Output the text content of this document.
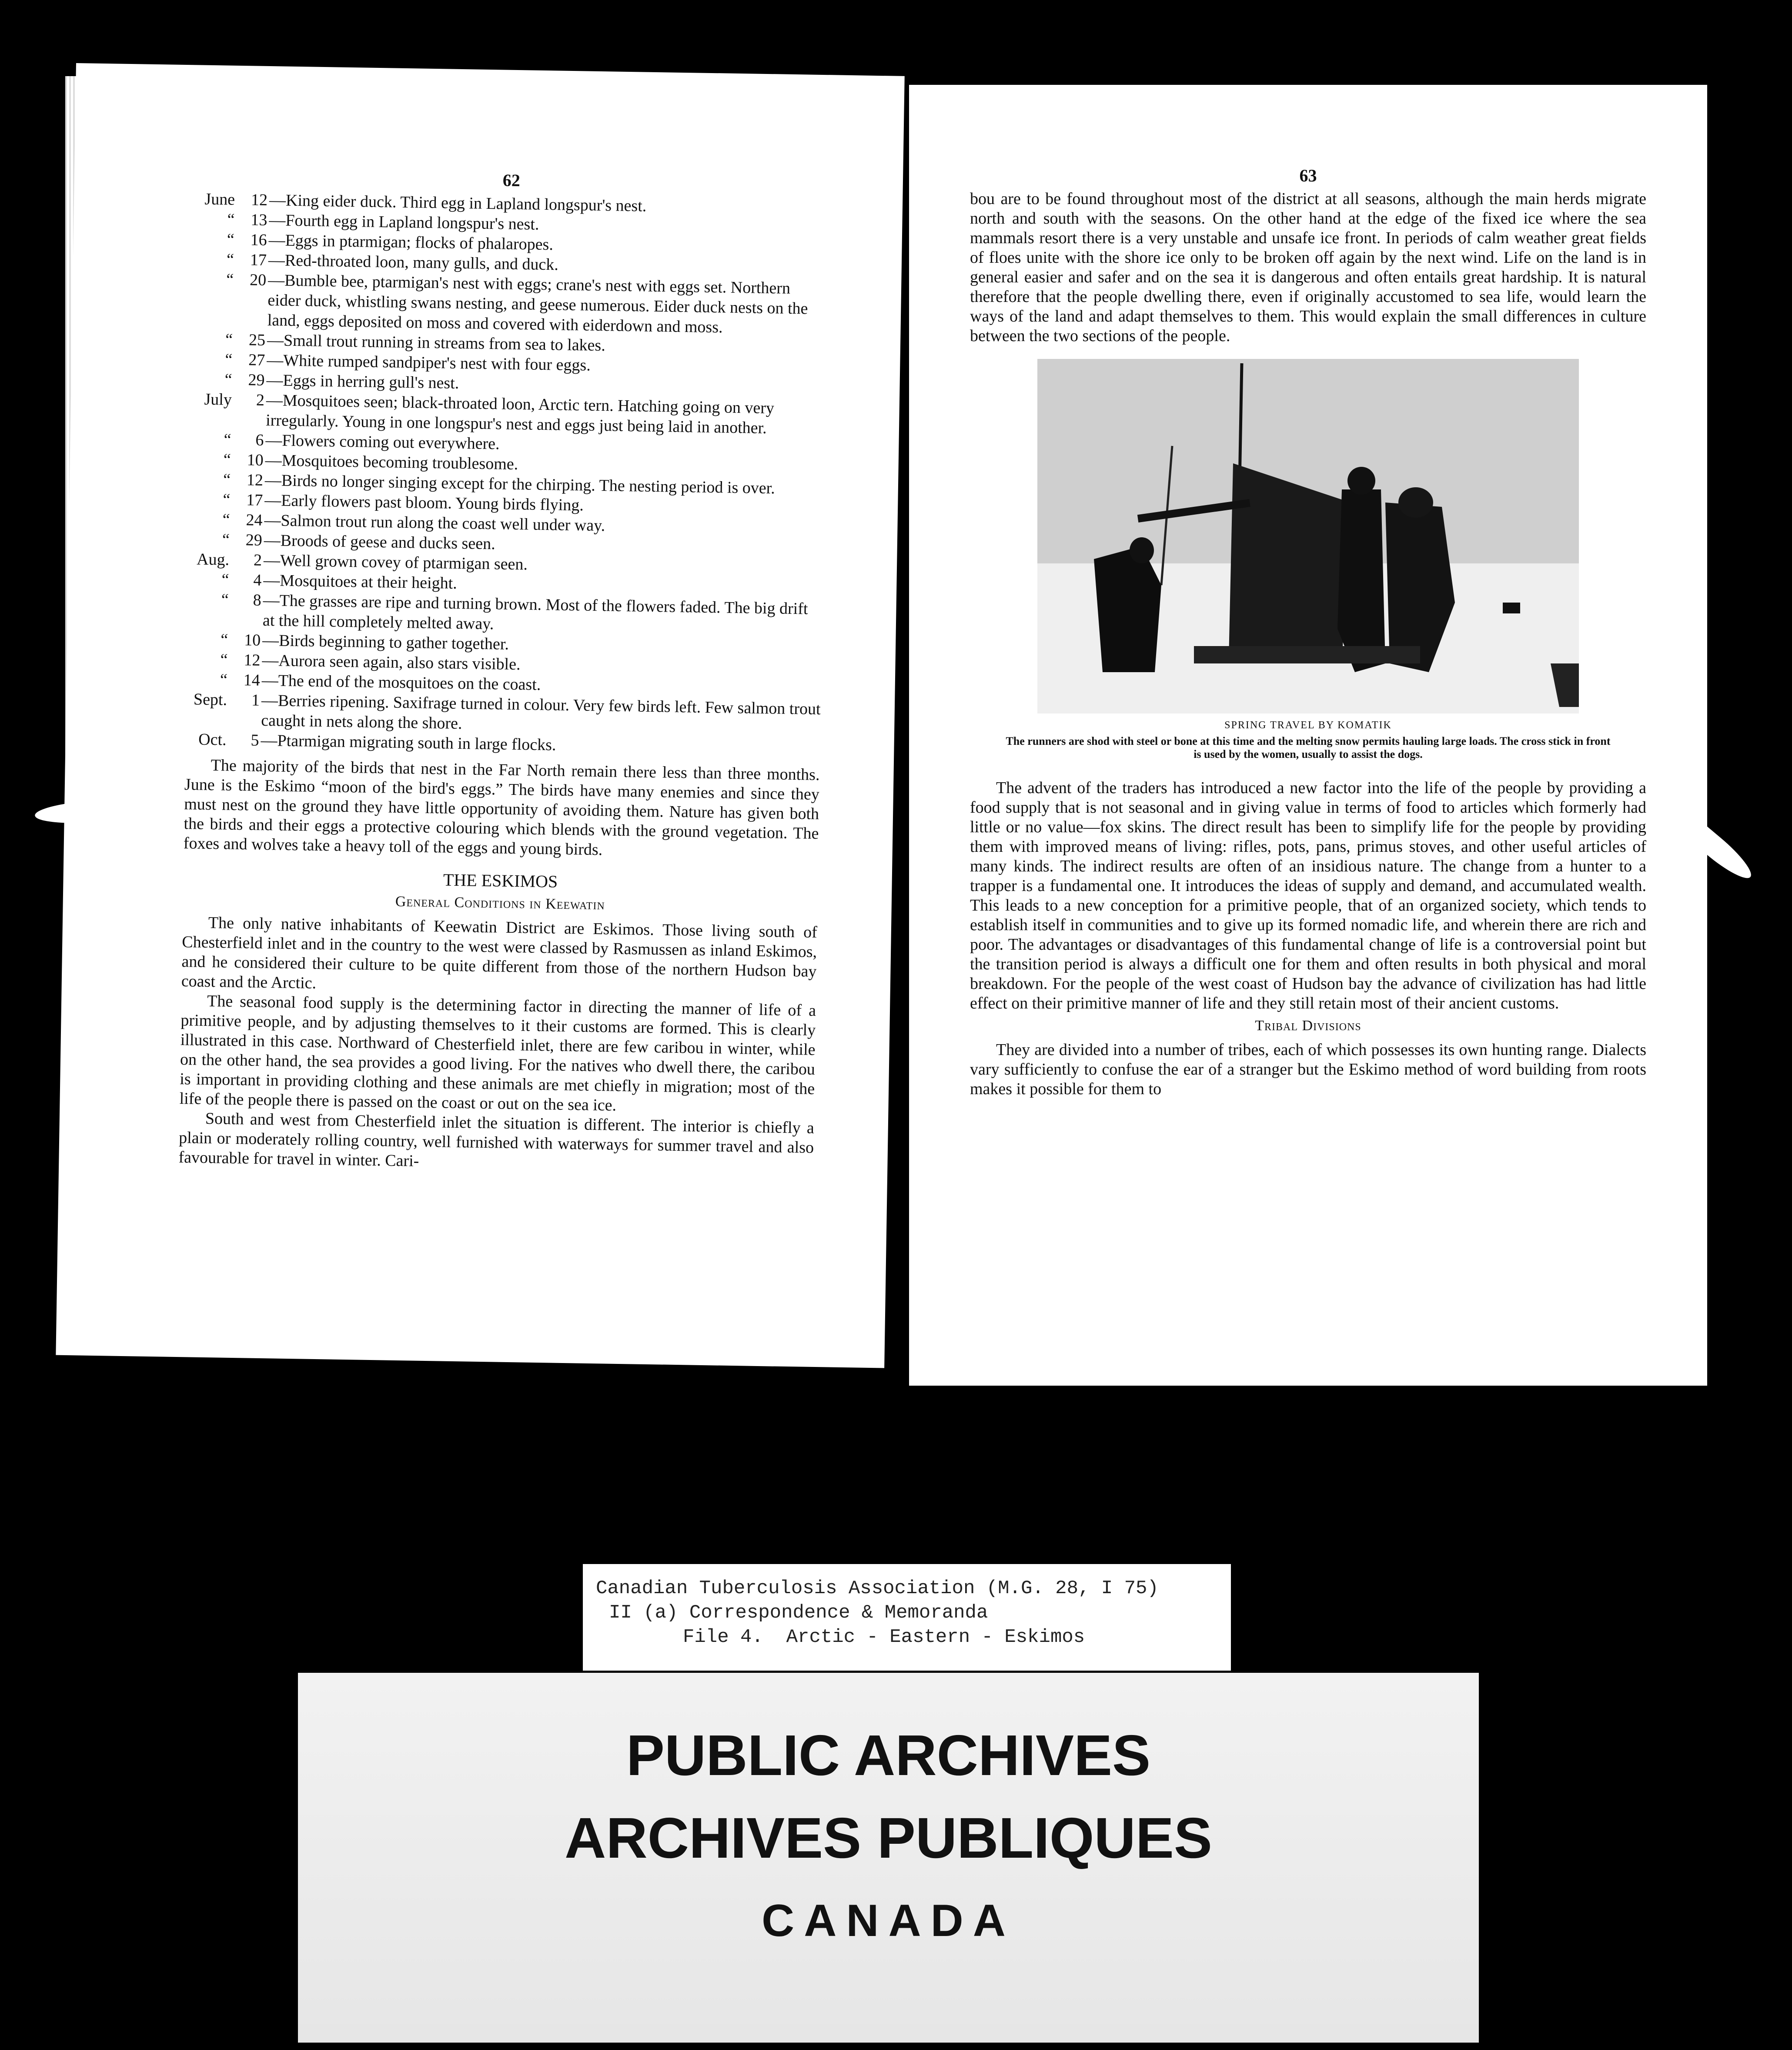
62
June 12 —King eider duck. Third egg in Lapland longspur's nest.
“ 13 —Fourth egg in Lapland longspur's nest.
“ 16 —Eggs in ptarmigan; flocks of phalaropes.
“ 17 —Red-throated loon, many gulls, and duck.
“ 20 —Bumble bee, ptarmigan's nest with eggs; crane's nest with eggs set. Northern eider duck, whistling swans nesting, and geese numerous. Eider duck nests on the land, eggs deposited on moss and covered with eiderdown and moss.
“ 25 —Small trout running in streams from sea to lakes.
“ 27 —White rumped sandpiper's nest with four eggs.
“ 29 —Eggs in herring gull's nest.
July	2 —Mosquitoes seen; black-throated loon, Arctic tern. Hatching going on very irregularly. Young in one longspur's nest and eggs just being laid in another.
“	6 —Flowers coming out everywhere.
“ 10 —Mosquitoes becoming troublesome.
“ 12 —Birds no longer singing except for the chirping. The nesting period is over.
“ 17 —Early flowers past bloom. Young birds flying.
“ 24 —Salmon trout run along the coast well under way.
“ 29 —Broods of geese and ducks seen.
Aug.	2 —Well grown covey of ptarmigan seen.
“	4 —Mosquitoes at their height.
“	8 —The grasses are ripe and turning brown. Most of the flowers faded. The big drift at the hill completely melted away.
“ 10 —Birds beginning to gather together.
“ 12 —Aurora seen again, also stars visible.
“ 14 —The end of the mosquitoes on the coast.
Sept.	1 —Berries ripening. Saxifrage turned in colour. Very few birds left. Few salmon trout caught in nets along the shore.
Oct.	5 —Ptarmigan migrating south in large flocks.

The majority of the birds that nest in the Far North remain there less than three months. June is the Eskimo “moon of the bird's eggs.” The birds have many enemies and since they must nest on the ground they have little opportunity of avoiding them. Nature has given both the birds and their eggs a protective colouring which blends with the ground vegetation. The foxes and wolves take a heavy toll of the eggs and young birds.

THE ESKIMOS
General Conditions in Keewatin

The only native inhabitants of Keewatin District are Eskimos. Those living south of Chesterfield inlet and in the country to the west were classed by Rasmussen as inland Eskimos, and he considered their culture to be quite different from those of the northern Hudson bay coast and the Arctic.

The seasonal food supply is the determining factor in directing the manner of life of a primitive people, and by adjusting themselves to it their customs are formed. This is clearly illustrated in this case. Northward of Chesterfield inlet, there are few caribou in winter, while on the other hand, the sea provides a good living. For the natives who dwell there, the caribou is important in providing clothing and these animals are met chiefly in migration; most of the life of the people there is passed on the coast or out on the sea ice.

South and west from Chesterfield inlet the situation is different. The interior is chiefly a plain or moderately rolling country, well furnished with waterways for summer travel and also favourable for travel in winter. Cari-

63

bou are to be found throughout most of the district at all seasons, although the main herds migrate north and south with the seasons. On the other hand at the edge of the fixed ice where the sea mammals resort there is a very unstable and unsafe ice front. In periods of calm weather great fields of floes unite with the shore ice only to be broken off again by the next wind. Life on the land is in general easier and safer and on the sea it is dangerous and often entails great hardship. It is natural therefore that the people dwelling there, even if originally accustomed to sea life, would learn the ways of the land and adapt themselves to them. This would explain the small differences in culture between the two sections of the people.

SPRING TRAVEL BY KOMATIK
The runners are shod with steel or bone at this time and the melting snow permits hauling large loads. The cross stick in front is used by the women, usually to assist the dogs.

The advent of the traders has introduced a new factor into the life of the people by providing a food supply that is not seasonal and in giving value in terms of food to articles which formerly had little or no value—fox skins. The direct result has been to simplify life for the people by providing them with improved means of living: rifles, pots, pans, primus stoves, and other useful articles of many kinds. The indirect results are often of an insidious nature. The change from a hunter to a trapper is a fundamental one. It introduces the ideas of supply and demand, and accumulated wealth. This leads to a new conception for a primitive people, that of an organized society, which tends to establish itself in communities and to give up its formed nomadic life, and wherein there are rich and poor. The advantages or disadvantages of this fundamental change of life is a controversial point but the transition period is always a difficult one for them and often results in both physical and moral breakdown. For the people of the west coast of Hudson bay the advance of civilization has had little effect on their primitive manner of life and they still retain most of their ancient customs.

Tribal Divisions

They are divided into a number of tribes, each of which possesses its own hunting range. Dialects vary sufficiently to confuse the ear of a stranger but the Eskimo method of word building from roots makes it possible for them to

Canadian Tuberculosis Association (M.G. 28, I 75)
II (a) Correspondence & Memoranda
File 4.  Arctic - Eastern - Eskimos
PUBLIC ARCHIVES
ARCHIVES PUBLIQUES
CANADA
